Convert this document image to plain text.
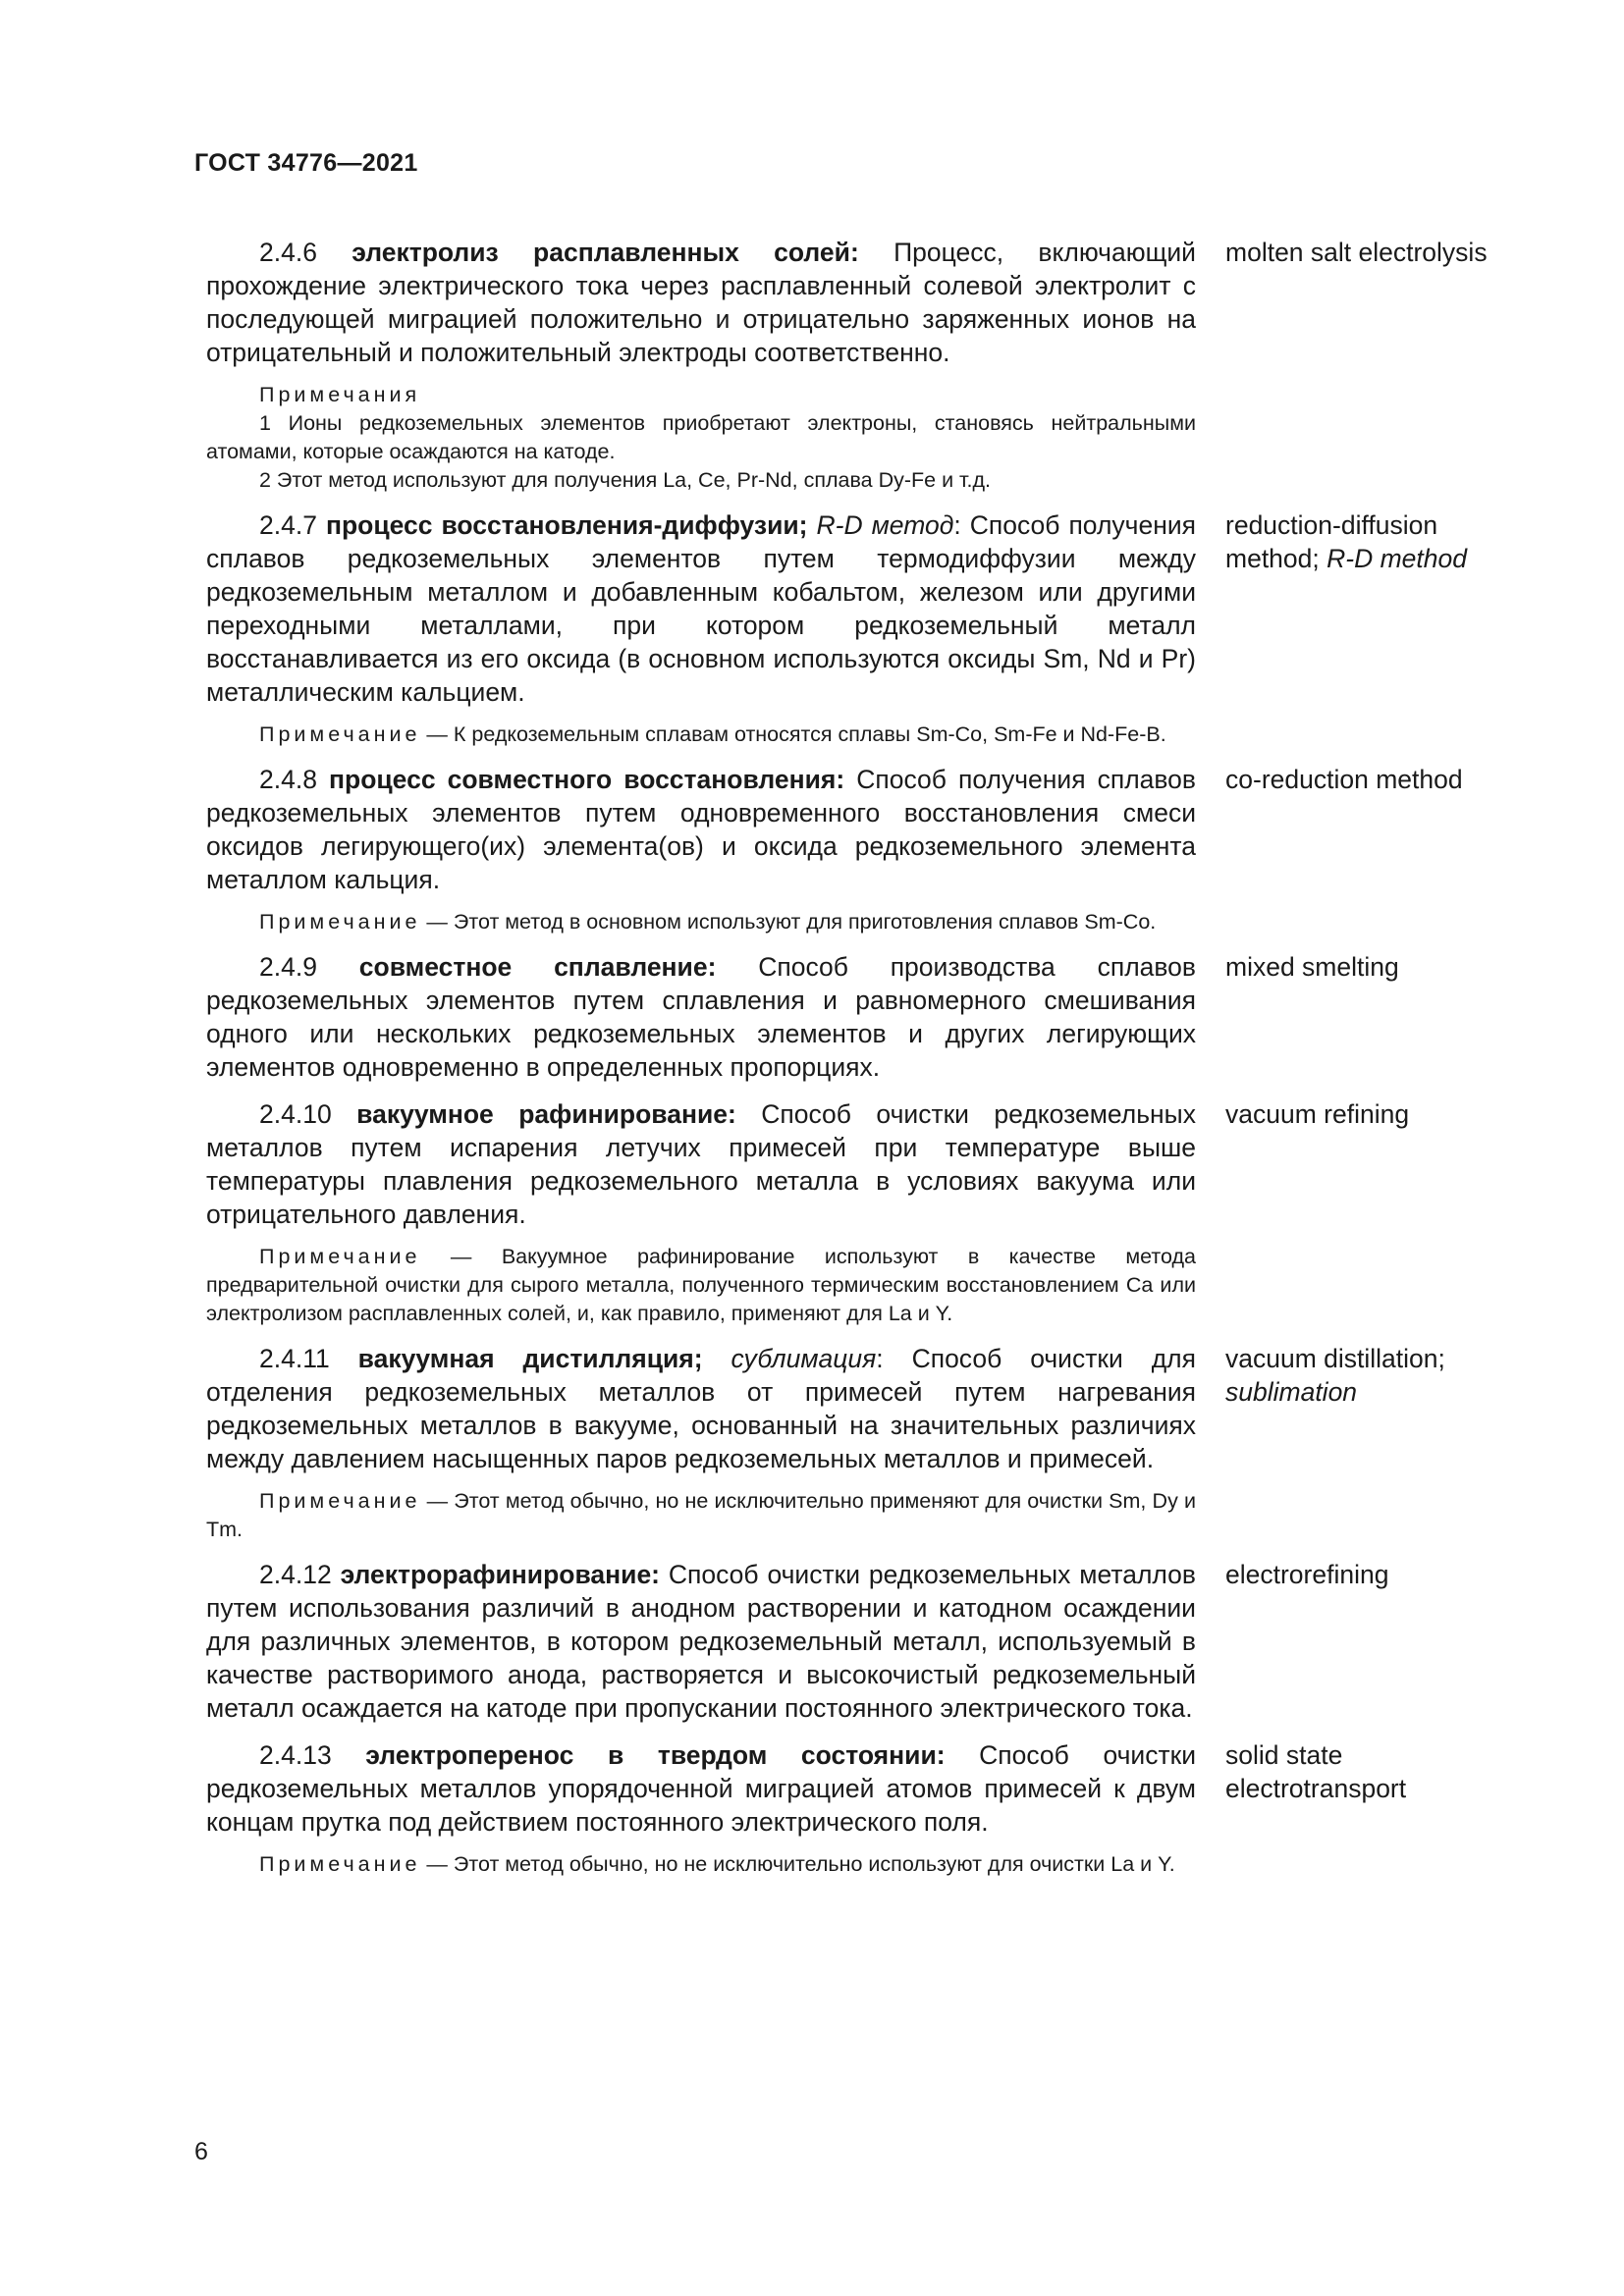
ГОСТ 34776—2021

2.4.6 электролиз расплавленных солей: Процесс, включающий прохождение электрического тока через расплавленный солевой электролит с последующей миграцией положительно и отрицательно заряженных ионов на отрицательный и положительный электроды соответственно.

Примечания

1 Ионы редкоземельных элементов приобретают электроны, становясь нейтральными атомами, которые осаждаются на катоде.

2 Этот метод используют для получения La, Ce, Pr-Nd, сплава Dy-Fe и т.д.

molten salt electrolysis

2.4.7 процесс восстановления-диффузии; R-D метод: Способ получения сплавов редкоземельных элементов путем термодиффузии между редкоземельным металлом и добавленным кобальтом, железом или другими переходными металлами, при котором редкоземельный металл восстанавливается из его оксида (в основном используются оксиды Sm, Nd и Pr) металлическим кальцием.

Примечание — К редкоземельным сплавам относятся сплавы Sm-Co, Sm-Fe и Nd-Fe-B.

reduction-diffusion method; R-D method

2.4.8 процесс совместного восстановления: Способ получения сплавов редкоземельных элементов путем одновременного восстановления смеси оксидов легирующего(их) элемента(ов) и оксида редкоземельного элемента металлом кальция.

Примечание — Этот метод в основном используют для приготовления сплавов Sm-Co.

co-reduction method

2.4.9 совместное сплавление: Способ производства сплавов редкоземельных элементов путем сплавления и равномерного смешивания одного или нескольких редкоземельных элементов и других легирующих элементов одновременно в определенных пропорциях.

mixed smelting

2.4.10 вакуумное рафинирование: Способ очистки редкоземельных металлов путем испарения летучих примесей при температуре выше температуры плавления редкоземельного металла в условиях вакуума или отрицательного давления.

Примечание — Вакуумное рафинирование используют в качестве метода предварительной очистки для сырого металла, полученного термическим восстановлением Ca или электролизом расплавленных солей, и, как правило, применяют для La и Y.

vacuum refining

2.4.11 вакуумная дистилляция; сублимация: Способ очистки для отделения редкоземельных металлов от примесей путем нагревания редкоземельных металлов в вакууме, основанный на значительных различиях между давлением насыщенных паров редкоземельных металлов и примесей.

Примечание — Этот метод обычно, но не исключительно применяют для очистки Sm, Dy и Tm.

vacuum distillation;
sublimation

2.4.12 электрорафинирование: Способ очистки редкоземельных металлов путем использования различий в анодном растворении и катодном осаждении для различных элементов, в котором редкоземельный металл, используемый в качестве растворимого анода, растворяется и высокочистый редкоземельный металл осаждается на катоде при пропускании постоянного электрического тока.

electrorefining

2.4.13 электроперенос в твердом состоянии: Способ очистки редкоземельных металлов упорядоченной миграцией атомов примесей к двум концам прутка под действием постоянного электрического поля.

Примечание — Этот метод обычно, но не исключительно используют для очистки La и Y.

solid state electrotransport
6
